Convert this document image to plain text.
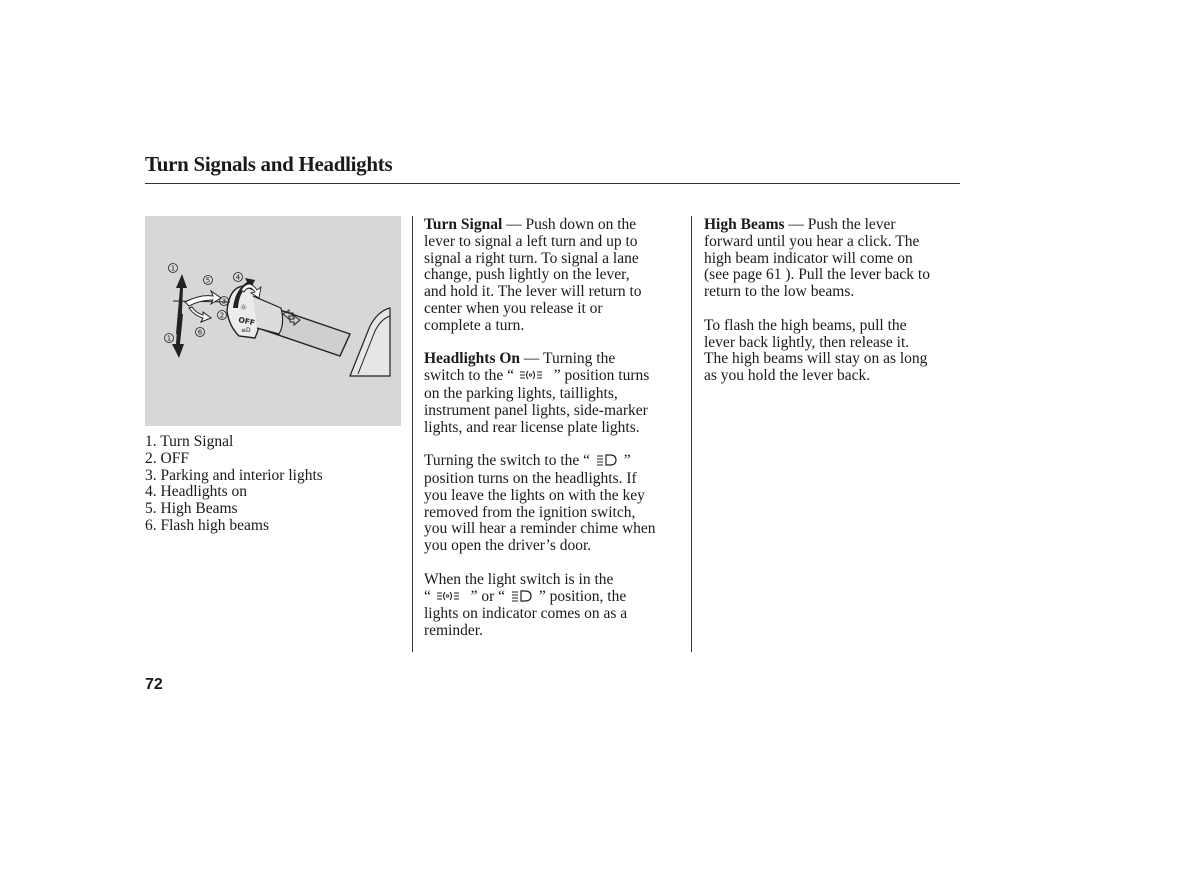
Turn Signals and Headlights
☼
OFF
≡D
1
5	4
3
2
1
6
1. Turn Signal
2. OFF
3. Parking and interior lights
4. Headlights on
5. High Beams
6. Flash high beams

Turn Signal — Push down on the
lever to signal a left turn and up to
signal a right turn. To signal a lane
change, push lightly on the lever,
and hold it. The lever will return to
center when you release it or
complete a turn.

Headlights On — Turning the
switch to the “	” position turns
on the parking lights, taillights,
instrument panel lights, side-marker
lights, and rear license plate lights.

Turning the switch to the “ ”
position turns on the headlights. If
you leave the lights on with the key
removed from the ignition switch,
you will hear a reminder chime when
you open the driver’s door.

When the light switch is in the
“	” or “ ” position, the
lights on indicator comes on as a
reminder.

High Beams — Push the lever
forward until you hear a click. The
high beam indicator will come on
(see page 61 ). Pull the lever back to
return to the low beams.

To flash the high beams, pull the
lever back lightly, then release it.
The high beams will stay on as long
as you hold the lever back.

72
